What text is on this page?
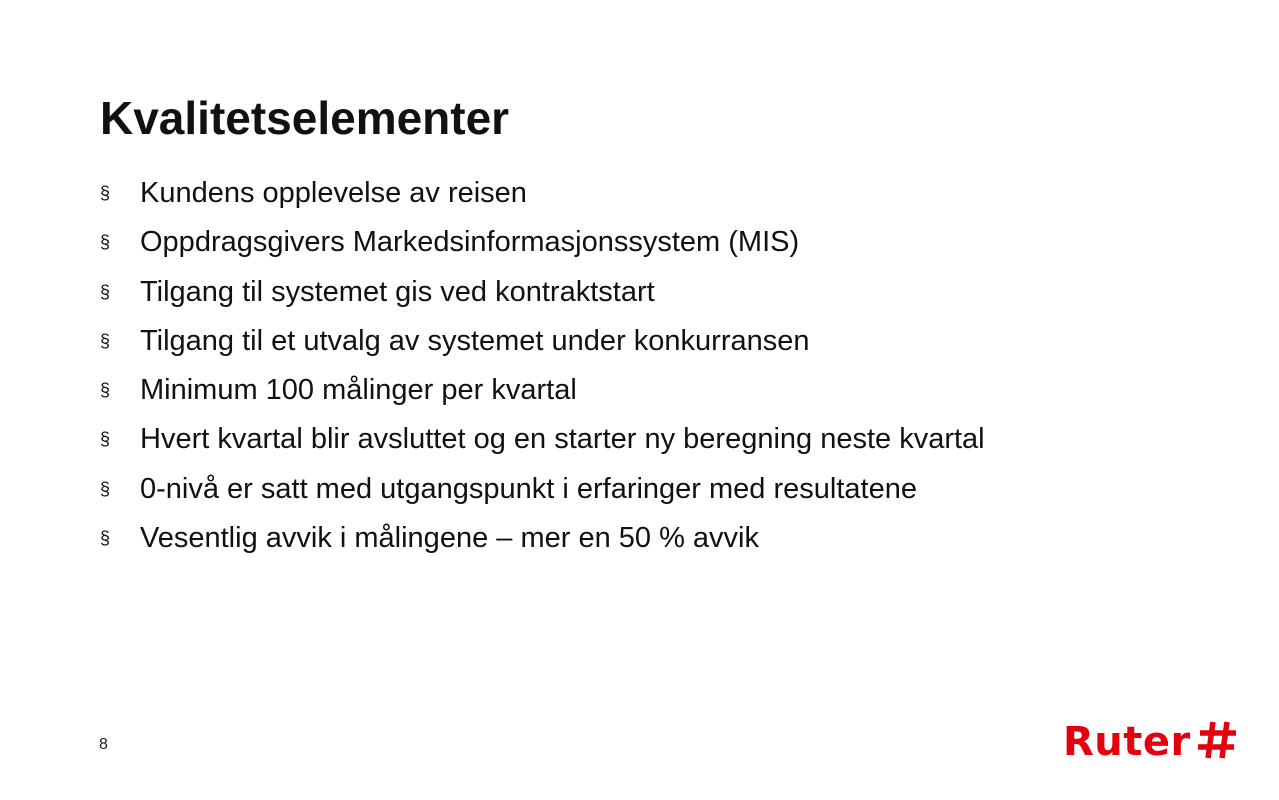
Kvalitetselementer
§ Kundens opplevelse av reisen
§ Oppdragsgivers Markedsinformasjonssystem (MIS)
§ Tilgang til systemet gis ved kontraktstart
§ Tilgang til et utvalg av systemet under konkurransen
§ Minimum 100 målinger per kvartal
§ Hvert kvartal blir avsluttet og en starter ny beregning neste kvartal
§ 0-nivå er satt med utgangspunkt i erfaringer med resultatene
§ Vesentlig avvik i målingene – mer en 50 % avvik
8	Ruter
